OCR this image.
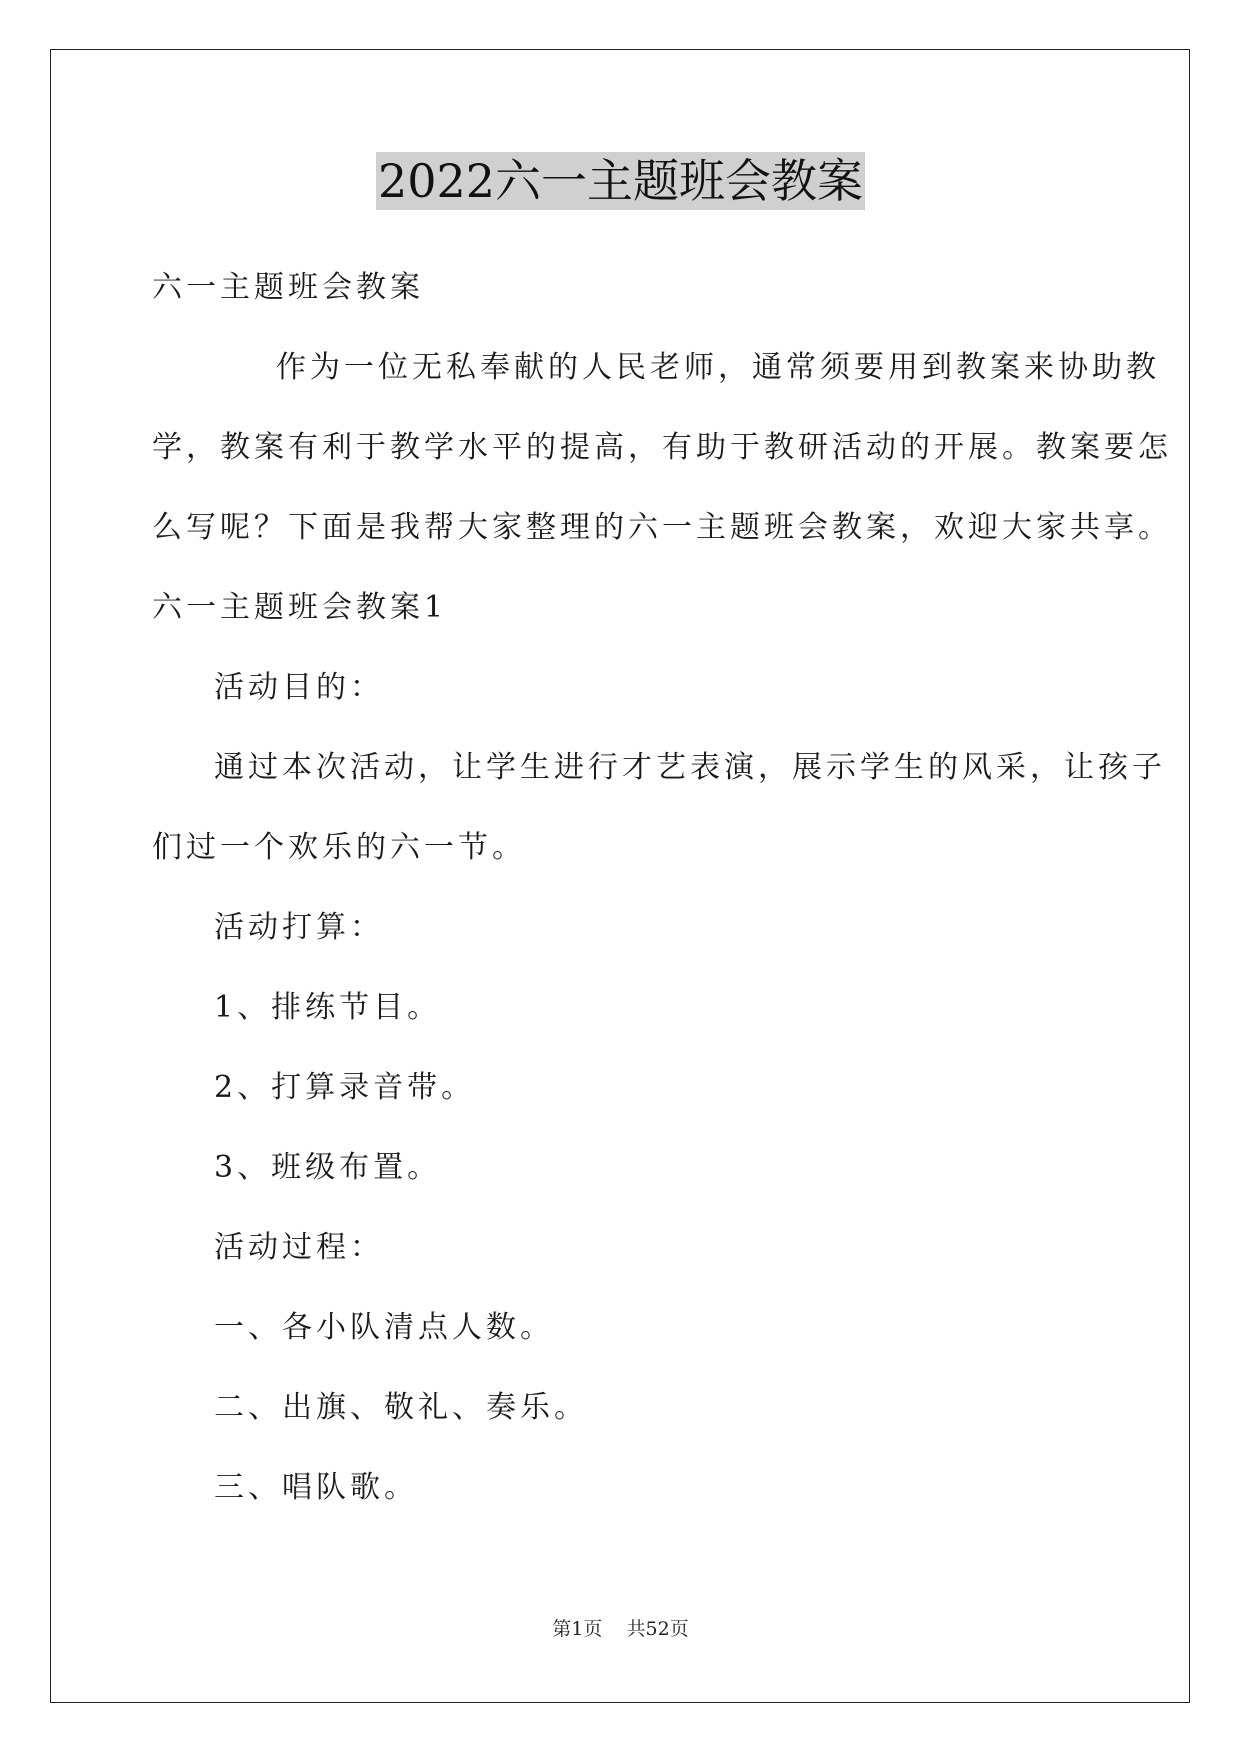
2022六一主题班会教案
六一主题班会教案
作为一位无私奉献的人民老师，通常须要用到教案来协助教
学，教案有利于教学水平的提高，有助于教研活动的开展。教案要怎
么写呢？下面是我帮大家整理的六一主题班会教案，欢迎大家共享。
六一主题班会教案1
活动目的：
通过本次活动，让学生进行才艺表演，展示学生的风采，让孩子
们过一个欢乐的六一节。
活动打算：
1、排练节目。
2、打算录音带。
3、班级布置。
活动过程：
一、各小队清点人数。
二、出旗、敬礼、奏乐。
三、唱队歌。
第1页 共52页
